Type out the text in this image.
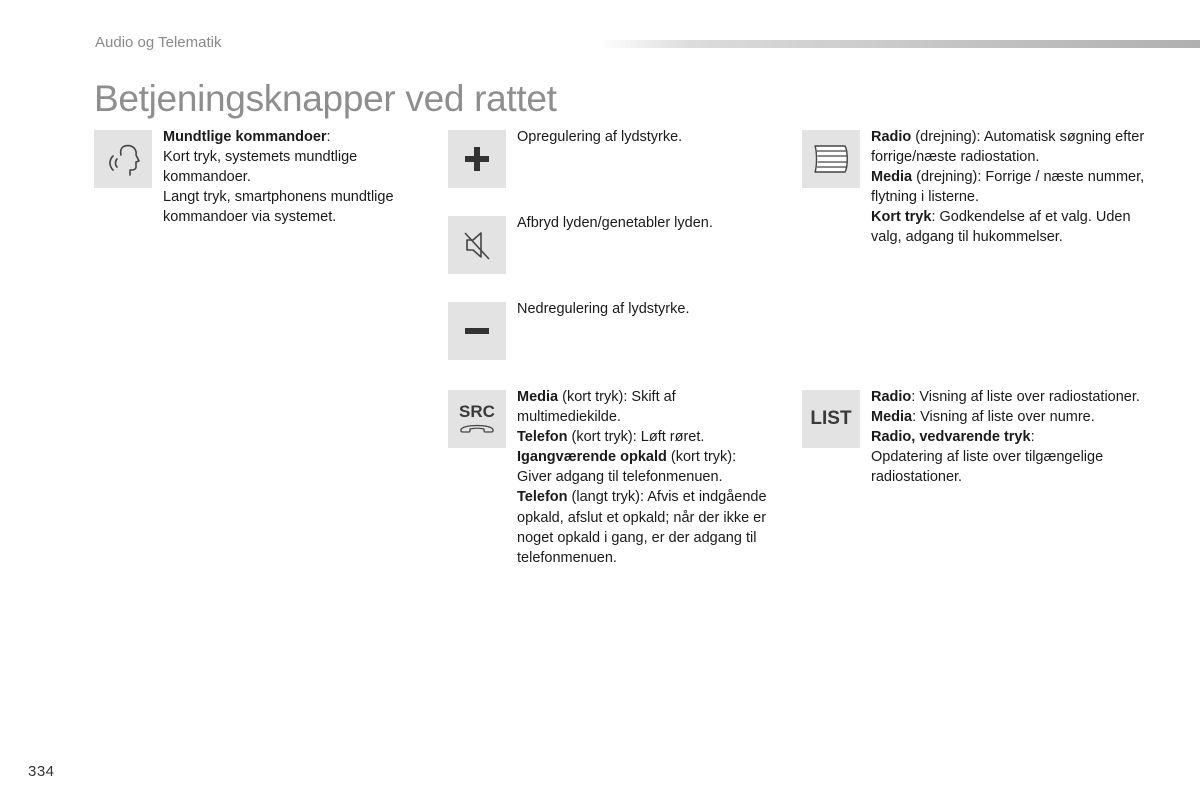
Audio og Telematik
Betjeningsknapper ved rattet
Mundtlige kommandoer:
Kort tryk, systemets mundtlige kommandoer.
Langt tryk, smartphonens mundtlige kommandoer via systemet.
Opregulering af lydstyrke.
Afbryd lyden/genetabler lyden.
Nedregulering af lydstyrke.
SRC
Media (kort tryk): Skift af multimediekilde.
Telefon (kort tryk): Løft røret.
Igangværende opkald (kort tryk): Giver adgang til telefonmenuen.
Telefon (langt tryk): Afvis et indgående opkald, afslut et opkald; når der ikke er noget opkald i gang, er der adgang til telefonmenuen.
Radio (drejning): Automatisk søgning efter forrige/næste radiostation.
Media (drejning): Forrige / næste nummer, flytning i listerne.
Kort tryk: Godkendelse af et valg. Uden valg, adgang til hukommelser.
LIST
Radio: Visning af liste over radiostationer.
Media: Visning af liste over numre.
Radio, vedvarende tryk:
Opdatering af liste over tilgængelige radiostationer.
334
